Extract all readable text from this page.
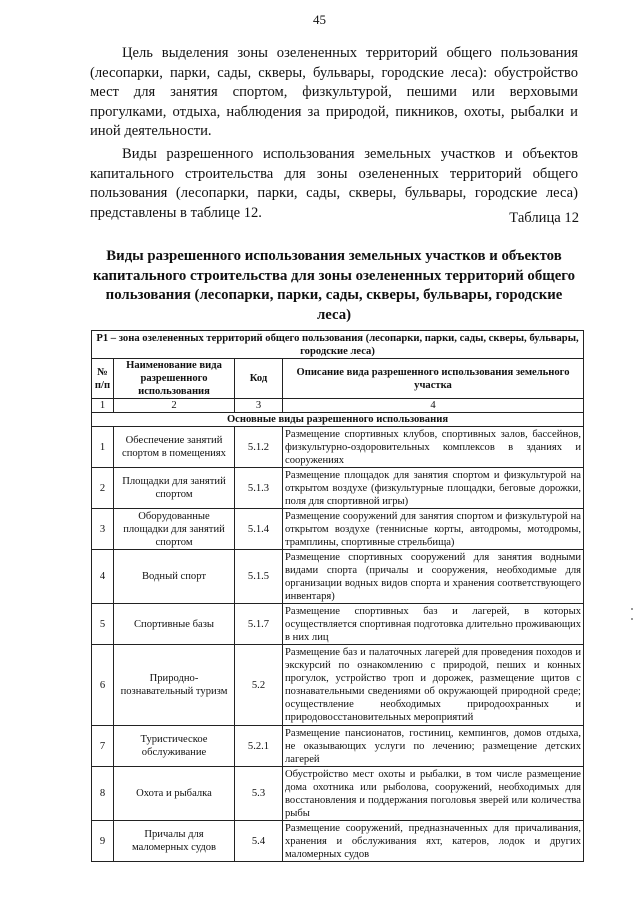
45

Цель выделения зоны озелененных территорий общего пользования (лесопарки, парки, сады, скверы, бульвары, городские леса): обустройство мест для занятия спортом, физкультурой, пешими или верховыми прогулками, отдыха, наблюдения за природой, пикников, охоты, рыбалки и иной деятельности.

Виды разрешенного использования земельных участков и объектов капитального строительства для зоны озелененных территорий общего пользования (лесопарки, парки, сады, скверы, бульвары, городские леса) представлены в таблице 12.	Таблица 12

Виды разрешенного использования земельных участков и объектов капитального строительства для зоны озелененных территорий общего пользования (лесопарки, парки, сады, скверы, бульвары, городские леса)

Р1 – зона озелененных территорий общего пользования (лесопарки, парки, сады, скверы, бульвары, городские леса)			
№ п/п	Наименование вида разрешенного использования	Код	Описание вида разрешенного использования земельного участка
1	2	3	4
Основные виды разрешенного использования			
1	Обеспечение занятий спортом в помещениях	5.1.2	Размещение спортивных клубов, спортивных залов, бассейнов, физкультурно-оздоровительных комплексов в зданиях и сооружениях
2	Площадки для занятий спортом	5.1.3	Размещение площадок для занятия спортом и физкультурой на открытом воздухе (физкультурные площадки, беговые дорожки, поля для спортивной игры)
3	Оборудованные площадки для занятий спортом	5.1.4	Размещение сооружений для занятия спортом и физкультурой на открытом воздухе (теннисные корты, автодромы, мотодромы, трамплины, спортивные стрельбища)
4	Водный спорт	5.1.5	Размещение спортивных сооружений для занятия водными видами спорта (причалы и сооружения, необходимые для организации водных видов спорта и хранения соответствующего инвентаря)
5	Спортивные базы	5.1.7	Размещение спортивных баз и лагерей, в которых осуществляется спортивная подготовка длительно проживающих в них лиц
6	Природно-познавательный туризм	5.2	Размещение баз и палаточных лагерей для проведения походов и экскурсий по ознакомлению с природой, пеших и конных прогулок, устройство троп и дорожек, размещение щитов с познавательными сведениями об окружающей природной среде; осуществление необходимых природоохранных и природовосстановительных мероприятий
7	Туристическое обслуживание	5.2.1	Размещение пансионатов, гостиниц, кемпингов, домов отдыха, не оказывающих услуги по лечению; размещение детских лагерей
8	Охота и рыбалка	5.3	Обустройство мест охоты и рыбалки, в том числе размещение дома охотника или рыболова, сооружений, необходимых для восстановления и поддержания поголовья зверей или количества рыбы
9	Причалы для маломерных судов	5.4	Размещение сооружений, предназначенных для причаливания, хранения и обслуживания яхт, катеров, лодок и других маломерных судов
